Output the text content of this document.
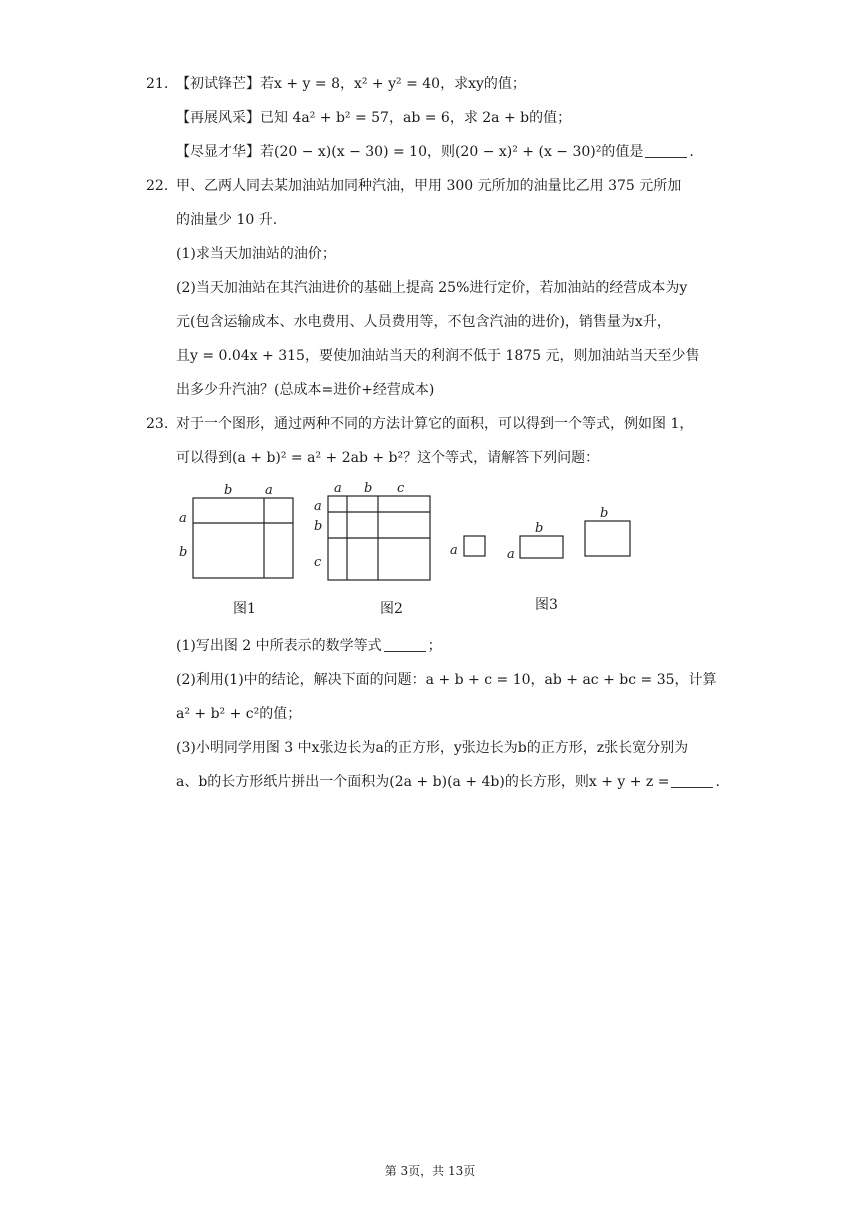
21. 【初试锋芒】若x + y = 8，x² + y² = 40，求xy的值；
【再展风采】已知 4a² + b² = 57，ab = 6，求 2a + b的值；
【尽显才华】若(20 − x)(x − 30) = 10，则(20 − x)² + (x − 30)²的值是	.
22. 甲、乙两人同去某加油站加同种汽油，甲用 300 元所加的油量比乙用 375 元所加
的油量少 10 升.
(1)求当天加油站的油价；
(2)当天加油站在其汽油进价的基础上提高 25%进行定价，若加油站的经营成本为y
元(包含运输成本、水电费用、人员费用等，不包含汽油的进价)，销售量为x升，
且y = 0.04x + 315，要使加油站当天的利润不低于 1875 元，则加油站当天至少售
出多少升汽油？(总成本=进价+经营成本)
23. 对于一个图形，通过两种不同的方法计算它的面积，可以得到一个等式，例如图 1，
可以得到(a + b)² = a² + 2ab + b²？这个等式，请解答下列问题：
b	a
a
b
a b c
a
b
c
a
b
a
b
图1	图2	图3
(1)写出图 2 中所表示的数学等式	；
(2)利用(1)中的结论，解决下面的问题：a + b + c = 10，ab + ac + bc = 35，计算
a² + b² + c²的值；
(3)小明同学用图 3 中x张边长为a的正方形，y张边长为b的正方形，z张长宽分别为
a、b的长方形纸片拼出一个面积为(2a + b)(a + 4b)的长方形，则x + y + z =	.
第 3页，共 13页
